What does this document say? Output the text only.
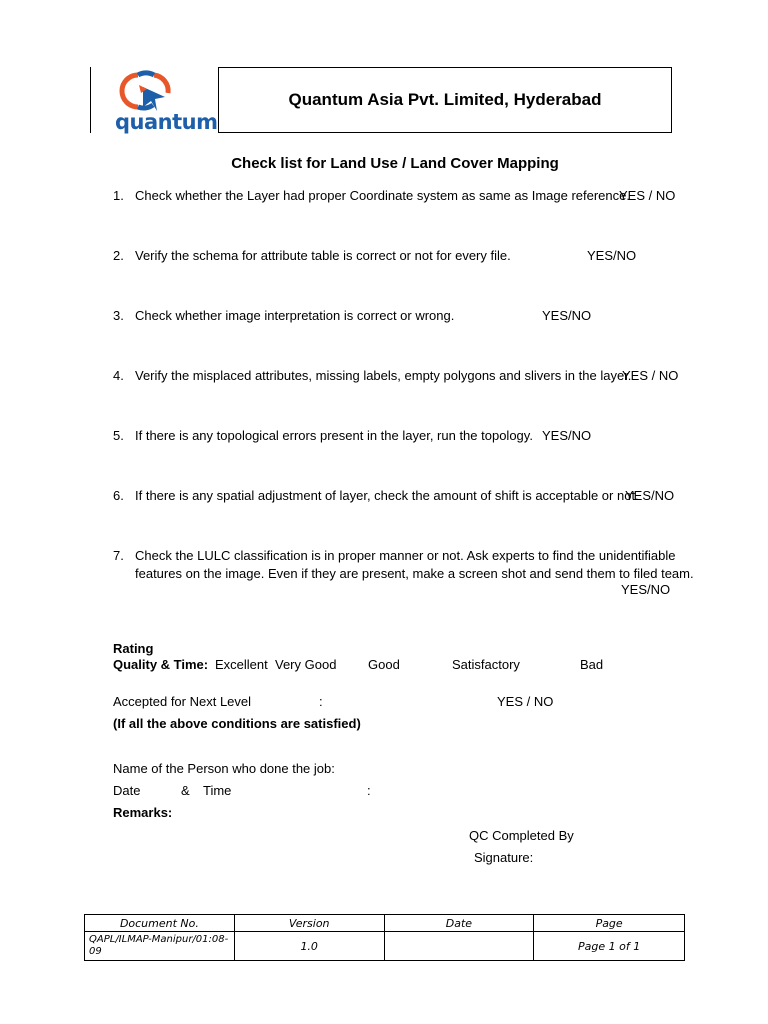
quantum
Quantum Asia Pvt. Limited, Hyderabad
Check list for Land Use / Land Cover Mapping
1. Check whether the Layer had proper Coordinate system as same as Image reference.
YES / NO
2. Verify the schema for attribute table is correct or not for every file.	YES/NO
3. Check whether image interpretation is correct or wrong.	YES/NO
4. Verify the misplaced attributes, missing labels, empty polygons and slivers in the layer.
YES / NO
5. If there is any topological errors present in the layer, run the topology. YES/NO
6. If there is any spatial adjustment of layer, check the amount of shift is acceptable or not.
YES/NO
7. Check the LULC classification is in proper manner or not. Ask experts to find the unidentifiable
features on the image. Even if they are present, make a screen shot and send them to filed team.
YES/NO
Rating
Quality & Time: Excellent Very Good Good	Satisfactory	Bad
Accepted for Next Level	:	YES / NO
(If all the above conditions are satisfied)
Name of the Person who done the job:
Date	& Time	:
Remarks:
QC Completed By
Signature:
Document No.	Version	Date	Page

QAPL/ILMAP-Manipur/01:08-
09	1.0		Page 1 of 1
